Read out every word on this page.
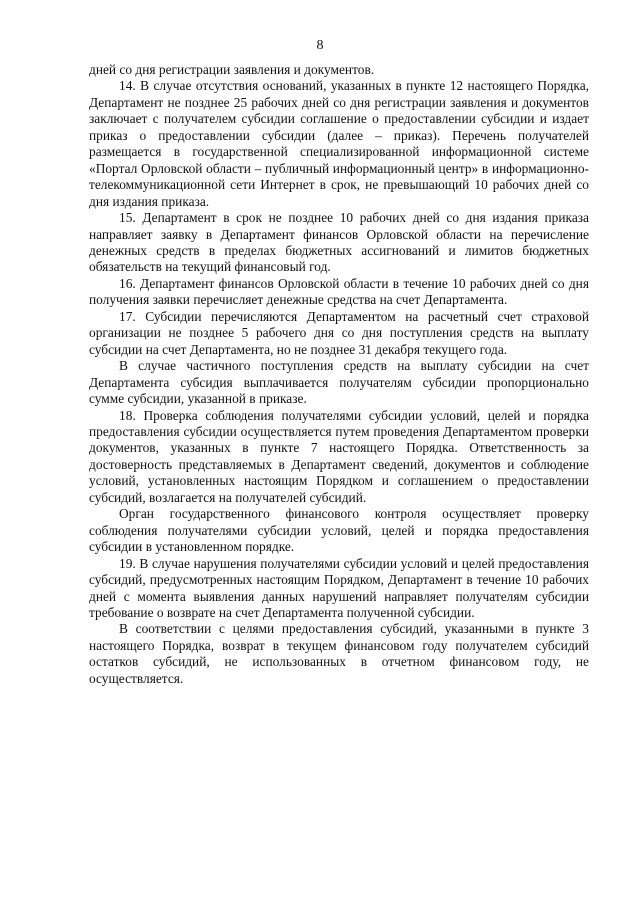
8

дней со дня регистрации заявления и документов.

14. В случае отсутствия оснований, указанных в пункте 12 настоящего Порядка, Департамент не позднее 25 рабочих дней со дня регистрации заявления и документов заключает с получателем субсидии соглашение о предоставлении субсидии и издает приказ о предоставлении субсидии (далее – приказ). Перечень получателей размещается в государственной специализированной информационной системе «Портал Орловской области – публичный информационный центр» в информационно-телекоммуникационной сети Интернет в срок, не превышающий 10 рабочих дней со дня издания приказа.

15. Департамент в срок не позднее 10 рабочих дней со дня издания приказа направляет заявку в Департамент финансов Орловской области на перечисление денежных средств в пределах бюджетных ассигнований и лимитов бюджетных обязательств на текущий финансовый год.

16. Департамент финансов Орловской области в течение 10 рабочих дней со дня получения заявки перечисляет денежные средства на счет Департамента.

17. Субсидии перечисляются Департаментом на расчетный счет страховой организации не позднее 5 рабочего дня со дня поступления средств на выплату субсидии на счет Департамента, но не позднее 31 декабря текущего года.

В случае частичного поступления средств на выплату субсидии на счет Департамента субсидия выплачивается получателям субсидии пропорционально сумме субсидии, указанной в приказе.

18. Проверка соблюдения получателями субсидии условий, целей и порядка предоставления субсидии осуществляется путем проведения Департаментом проверки документов, указанных в пункте 7 настоящего Порядка. Ответственность за достоверность представляемых в Департамент сведений, документов и соблюдение условий, установленных настоящим Порядком и соглашением о предоставлении субсидий, возлагается на получателей субсидий.

Орган государственного финансового контроля осуществляет проверку соблюдения получателями субсидии условий, целей и порядка предоставления субсидии в установленном порядке.

19. В случае нарушения получателями субсидии условий и целей предоставления субсидий, предусмотренных настоящим Порядком, Департамент в течение 10 рабочих дней с момента выявления данных нарушений направляет получателям субсидии требование о возврате на счет Департамента полученной субсидии.

В соответствии с целями предоставления субсидий, указанными в пункте 3 настоящего Порядка, возврат в текущем финансовом году получателем субсидий остатков субсидий, не использованных в отчетном финансовом году, не осуществляется.
